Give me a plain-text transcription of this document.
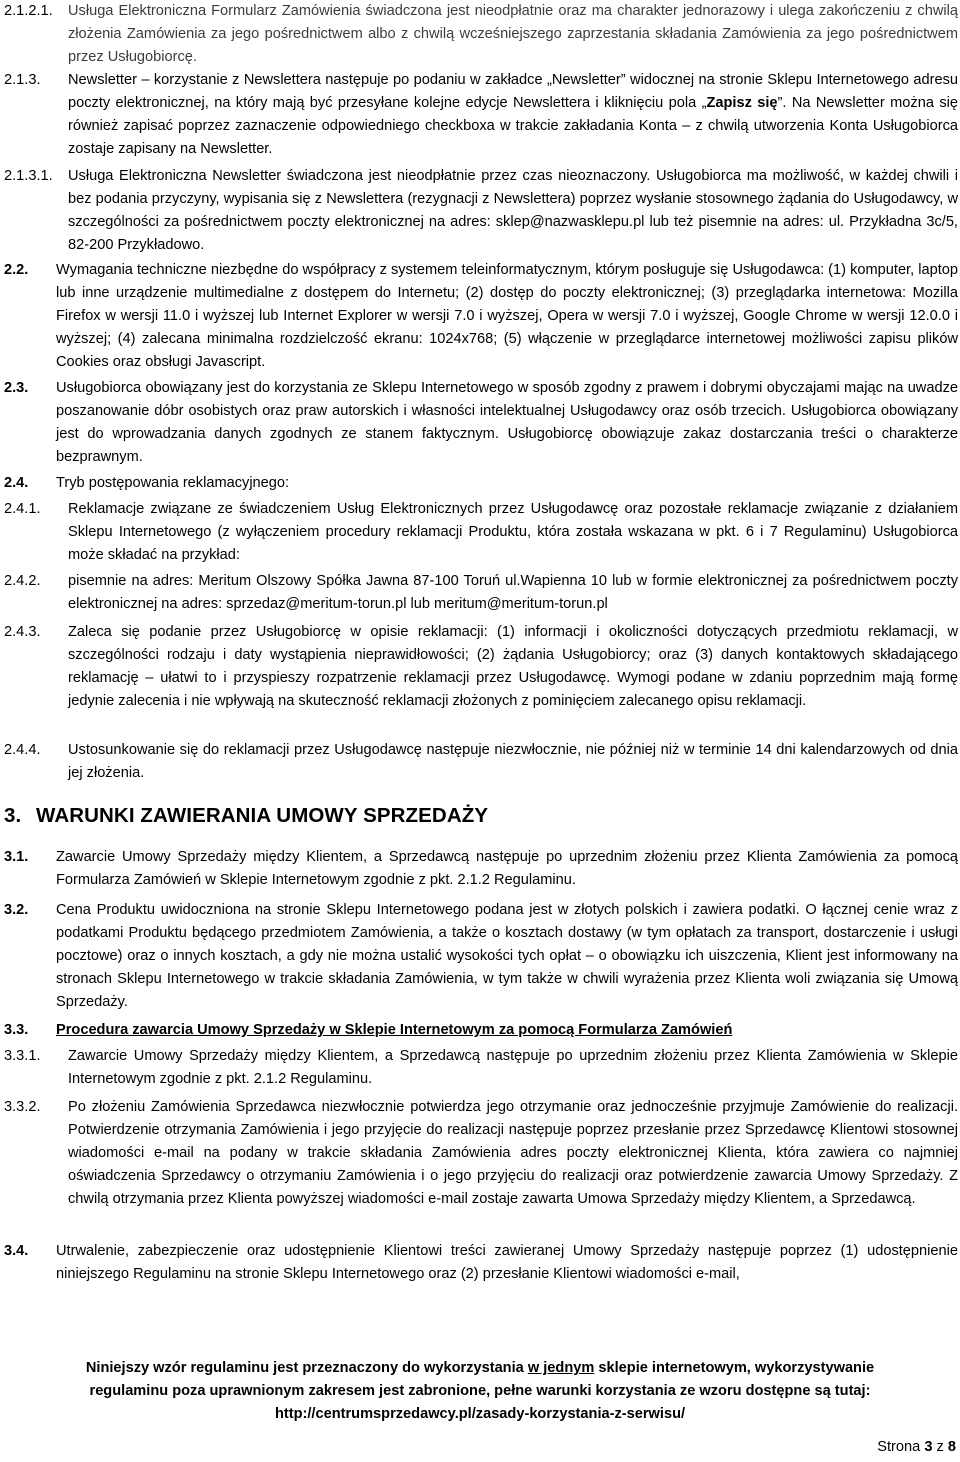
2.1.2.1.	Usługa Elektroniczna Formularz Zamówienia świadczona jest nieodpłatnie oraz ma charakter jednorazowy i ulega zakończeniu z chwilą złożenia Zamówienia za jego pośrednictwem albo z chwilą wcześniejszego zaprzestania składania Zamówienia za jego pośrednictwem przez Usługobiorcę.
2.1.3.	Newsletter – korzystanie z Newslettera następuje po podaniu w zakładce „Newsletter” widocznej na stronie Sklepu Internetowego adresu poczty elektronicznej, na który mają być przesyłane kolejne edycje Newslettera i kliknięciu pola „Zapisz się”. Na Newsletter można się również zapisać poprzez zaznaczenie odpowiedniego checkboxa w trakcie zakładania Konta – z chwilą utworzenia Konta Usługobiorca zostaje zapisany na Newsletter.
2.1.3.1.	Usługa Elektroniczna Newsletter świadczona jest nieodpłatnie przez czas nieoznaczony. Usługobiorca ma możliwość, w każdej chwili i bez podania przyczyny, wypisania się z Newslettera (rezygnacji z Newslettera) poprzez wysłanie stosownego żądania do Usługodawcy, w szczególności za pośrednictwem poczty elektronicznej na adres: sklep@nazwasklepu.pl lub też pisemnie na adres: ul. Przykładna 3c/5, 82-200 Przykładowo.
2.2.	Wymagania techniczne niezbędne do współpracy z systemem teleinformatycznym, którym posługuje się Usługodawca: (1) komputer, laptop lub inne urządzenie multimedialne z dostępem do Internetu; (2) dostęp do poczty elektronicznej; (3) przeglądarka internetowa: Mozilla Firefox w wersji 11.0 i wyższej lub Internet Explorer w wersji 7.0 i wyższej, Opera w wersji 7.0 i wyższej, Google Chrome w wersji 12.0.0 i wyższej; (4) zalecana minimalna rozdzielczość ekranu: 1024x768; (5) włączenie w przeglądarce internetowej możliwości zapisu plików Cookies oraz obsługi Javascript.
2.3.	Usługobiorca obowiązany jest do korzystania ze Sklepu Internetowego w sposób zgodny z prawem i dobrymi obyczajami mając na uwadze poszanowanie dóbr osobistych oraz praw autorskich i własności intelektualnej Usługodawcy oraz osób trzecich. Usługobiorca obowiązany jest do wprowadzania danych zgodnych ze stanem faktycznym. Usługobiorcę obowiązuje zakaz dostarczania treści o charakterze bezprawnym.
2.4.	Tryb postępowania reklamacyjnego:
2.4.1.	Reklamacje związane ze świadczeniem Usług Elektronicznych przez Usługodawcę oraz pozostałe reklamacje związanie z działaniem Sklepu Internetowego (z wyłączeniem procedury reklamacji Produktu, która została wskazana w pkt. 6 i 7 Regulaminu) Usługobiorca może składać na przykład:
2.4.2.	pisemnie na adres: Meritum Olszowy Spółka Jawna 87-100 Toruń ul.Wapienna 10 lub w formie elektronicznej za pośrednictwem poczty elektronicznej na adres: sprzedaz@meritum-torun.pl lub meritum@meritum-torun.pl
2.4.3.	Zaleca się podanie przez Usługobiorcę w opisie reklamacji: (1) informacji i okoliczności dotyczących przedmiotu reklamacji, w szczególności rodzaju i daty wystąpienia nieprawidłowości; (2) żądania Usługobiorcy; oraz (3) danych kontaktowych składającego reklamację – ułatwi to i przyspieszy rozpatrzenie reklamacji przez Usługodawcę. Wymogi podane w zdaniu poprzednim mają formę jedynie zalecenia i nie wpływają na skuteczność reklamacji złożonych z pominięciem zalecanego opisu reklamacji.
2.4.4.	Ustosunkowanie się do reklamacji przez Usługodawcę następuje niezwłocznie, nie później niż w terminie 14 dni kalendarzowych od dnia jej złożenia.
3. WARUNKI ZAWIERANIA UMOWY SPRZEDAŻY
3.1.	Zawarcie Umowy Sprzedaży między Klientem, a Sprzedawcą następuje po uprzednim złożeniu przez Klienta Zamówienia za pomocą Formularza Zamówień w Sklepie Internetowym zgodnie z pkt. 2.1.2 Regulaminu.
3.2.	Cena Produktu uwidoczniona na stronie Sklepu Internetowego podana jest w złotych polskich i zawiera podatki. O łącznej cenie wraz z podatkami Produktu będącego przedmiotem Zamówienia, a także o kosztach dostawy (w tym opłatach za transport, dostarczenie i usługi pocztowe) oraz o innych kosztach, a gdy nie można ustalić wysokości tych opłat – o obowiązku ich uiszczenia, Klient jest informowany na stronach Sklepu Internetowego w trakcie składania Zamówienia, w tym także w chwili wyrażenia przez Klienta woli związania się Umową Sprzedaży.
3.3.	Procedura zawarcia Umowy Sprzedaży w Sklepie Internetowym za pomocą Formularza Zamówień
3.3.1.	Zawarcie Umowy Sprzedaży między Klientem, a Sprzedawcą następuje po uprzednim złożeniu przez Klienta Zamówienia w Sklepie Internetowym zgodnie z pkt. 2.1.2 Regulaminu.
3.3.2.	Po złożeniu Zamówienia Sprzedawca niezwłocznie potwierdza jego otrzymanie oraz jednocześnie przyjmuje Zamówienie do realizacji. Potwierdzenie otrzymania Zamówienia i jego przyjęcie do realizacji następuje poprzez przesłanie przez Sprzedawcę Klientowi stosownej wiadomości e-mail na podany w trakcie składania Zamówienia adres poczty elektronicznej Klienta, która zawiera co najmniej oświadczenia Sprzedawcy o otrzymaniu Zamówienia i o jego przyjęciu do realizacji oraz potwierdzenie zawarcia Umowy Sprzedaży. Z chwilą otrzymania przez Klienta powyższej wiadomości e-mail zostaje zawarta Umowa Sprzedaży między Klientem, a Sprzedawcą.
3.4.	Utrwalenie, zabezpieczenie oraz udostępnienie Klientowi treści zawieranej Umowy Sprzedaży następuje poprzez (1) udostępnienie niniejszego Regulaminu na stronie Sklepu Internetowego oraz (2) przesłanie Klientowi wiadomości e-mail,
Niniejszy wzór regulaminu jest przeznaczony do wykorzystania w jednym sklepie internetowym, wykorzystywanie
regulaminu poza uprawnionym zakresem jest zabronione, pełne warunki korzystania ze wzoru dostępne są tutaj:
http://centrumsprzedawcy.pl/zasady-korzystania-z-serwisu/
Strona 3 z 8
